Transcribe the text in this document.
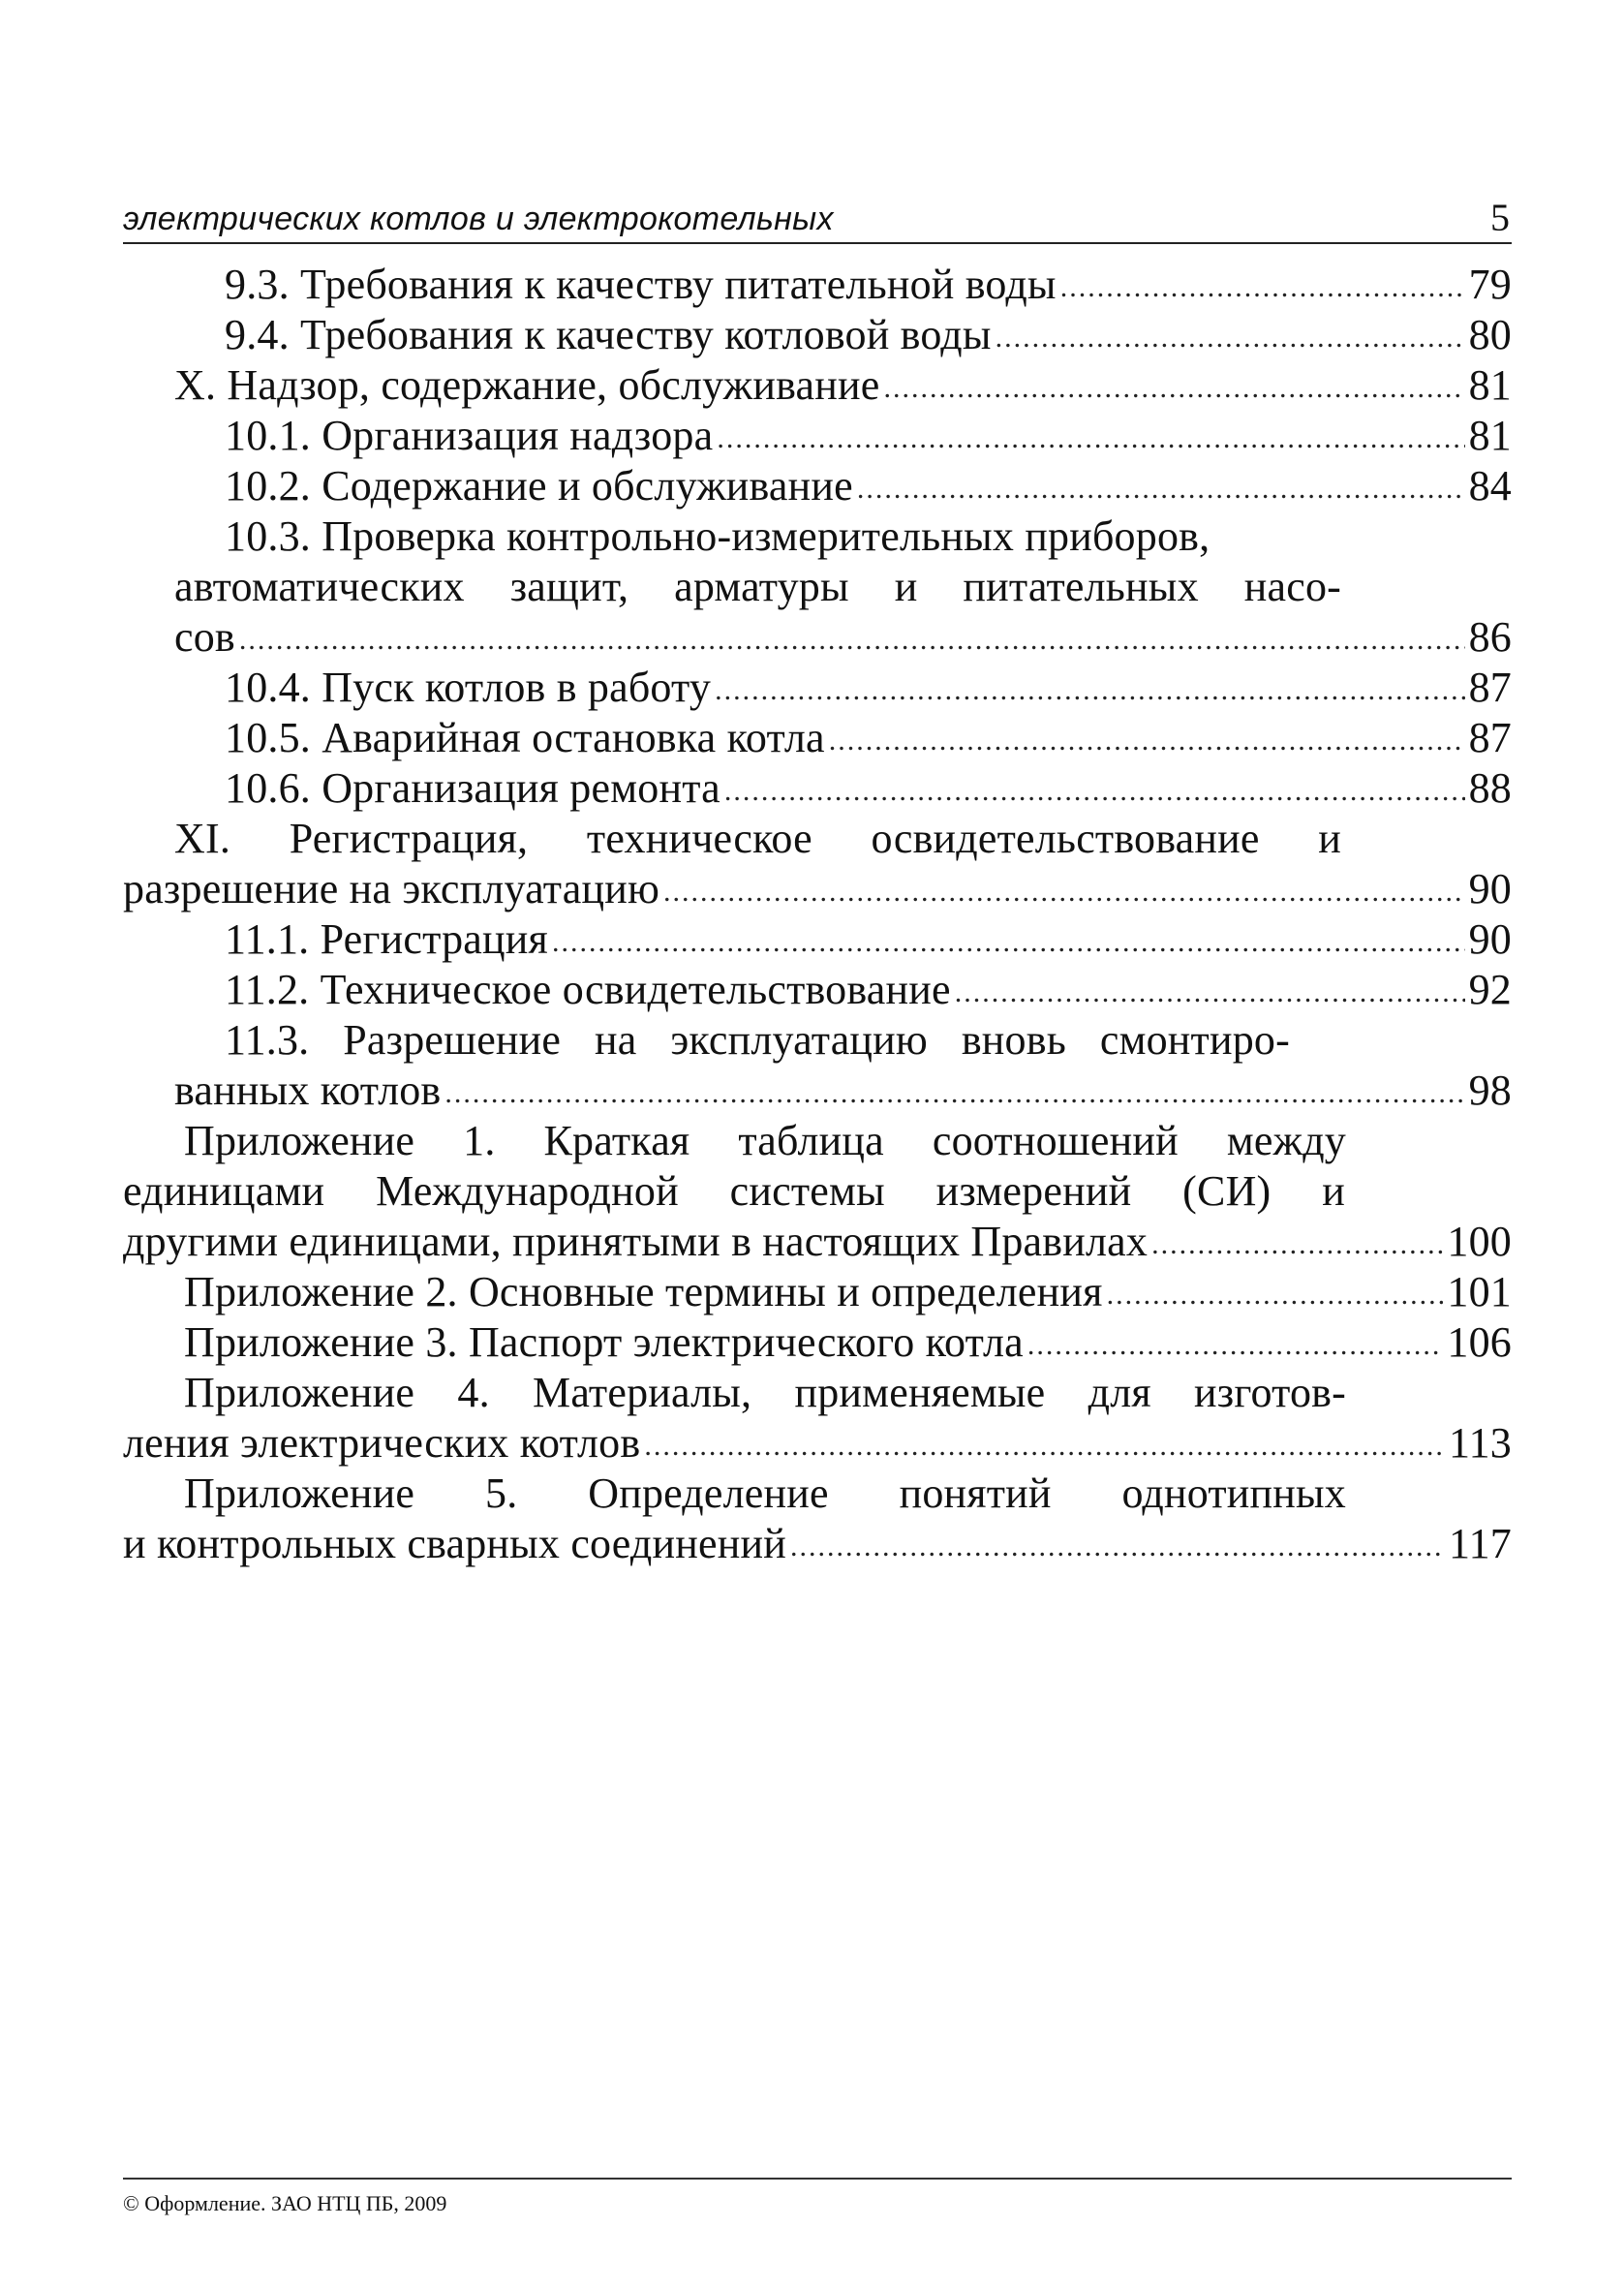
электрических котлов и электрокотельных	5
9.3. Требования к качеству питательной воды .....	79
9.4. Требования к качеству котловой воды .....	80
X. Надзор, содержание, обслуживание .....	81
10.1. Организация надзора .....	81
10.2. Содержание и обслуживание .....	84
10.3. Проверка контрольно-измерительных приборов,
автоматических защит, арматуры и питательных насо-
сов .....	86
10.4. Пуск котлов в работу .....	87
10.5. Аварийная остановка котла .....	87
10.6. Организация ремонта .....	88
XI. Регистрация, техническое освидетельствование и
разрешение на эксплуатацию .....	90
11.1. Регистрация .....	90
11.2. Техническое освидетельствование .....	92
11.3. Разрешение на эксплуатацию вновь смонтиро-
ванных котлов .....	98
Приложение 1. Краткая таблица соотношений между
единицами Международной системы измерений (СИ) и
другими единицами, принятыми в настоящих Правилах .....	100
Приложение 2. Основные термины и определения .....	101
Приложение 3. Паспорт электрического котла .....	106
Приложение 4. Материалы, применяемые для изготов-
ления электрических котлов .....	113
Приложение 5. Определение понятий однотипных
и контрольных сварных соединений .....	117
© Оформление. ЗАО НТЦ ПБ, 2009
